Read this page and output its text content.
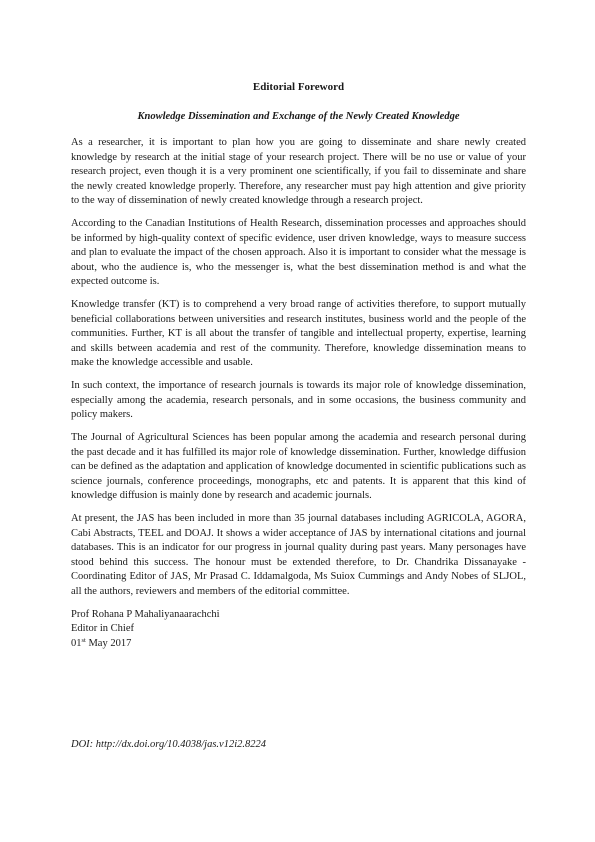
Editorial Foreword
Knowledge Dissemination and Exchange of the Newly Created Knowledge

As a researcher, it is important to plan how you are going to disseminate and share newly created knowledge by research at the initial stage of your research project. There will be no use or value of your research project, even though it is a very prominent one scientifically, if you fail to disseminate and share the newly created knowledge properly. Therefore, any researcher must pay high attention and give priority to the way of dissemination of newly created knowledge through a research project.

According to the Canadian Institutions of Health Research, dissemination processes and approaches should be informed by high-quality context of specific evidence, user driven knowledge, ways to measure success and plan to evaluate the impact of the chosen approach. Also it is important to consider what the message is about, who the audience is, who the messenger is, what the best dissemination method is and what the expected outcome is.

Knowledge transfer (KT) is to comprehend a very broad range of activities therefore, to support mutually beneficial collaborations between universities and research institutes, business world and the people of the communities. Further, KT is all about the transfer of tangible and intellectual property, expertise, learning and skills between academia and rest of the community. Therefore, knowledge dissemination means to make the knowledge accessible and usable.

In such context, the importance of research journals is towards its major role of knowledge dissemination, especially among the academia, research personals, and in some occasions, the business community and policy makers.

The Journal of Agricultural Sciences has been popular among the academia and research personal during the past decade and it has fulfilled its major role of knowledge dissemination. Further, knowledge diffusion can be defined as the adaptation and application of knowledge documented in scientific publications such as science journals, conference proceedings, monographs, etc and patents. It is apparent that this kind of knowledge diffusion is mainly done by research and academic journals.

At present, the JAS has been included in more than 35 journal databases including AGRICOLA, AGORA, Cabi Abstracts, TEEL and DOAJ. It shows a wider acceptance of JAS by international citations and journal databases. This is an indicator for our progress in journal quality during past years. Many personages have stood behind this success. The honour must be extended therefore, to Dr. Chandrika Dissanayake - Coordinating Editor of JAS, Mr Prasad C. Iddamalgoda, Ms Suiox Cummings and Andy Nobes of SLJOL, all the authors, reviewers and members of the editorial committee.

Prof Rohana P Mahaliyanaarachchi
Editor in Chief
01st May 2017
DOI: http://dx.doi.org/10.4038/jas.v12i2.8224
